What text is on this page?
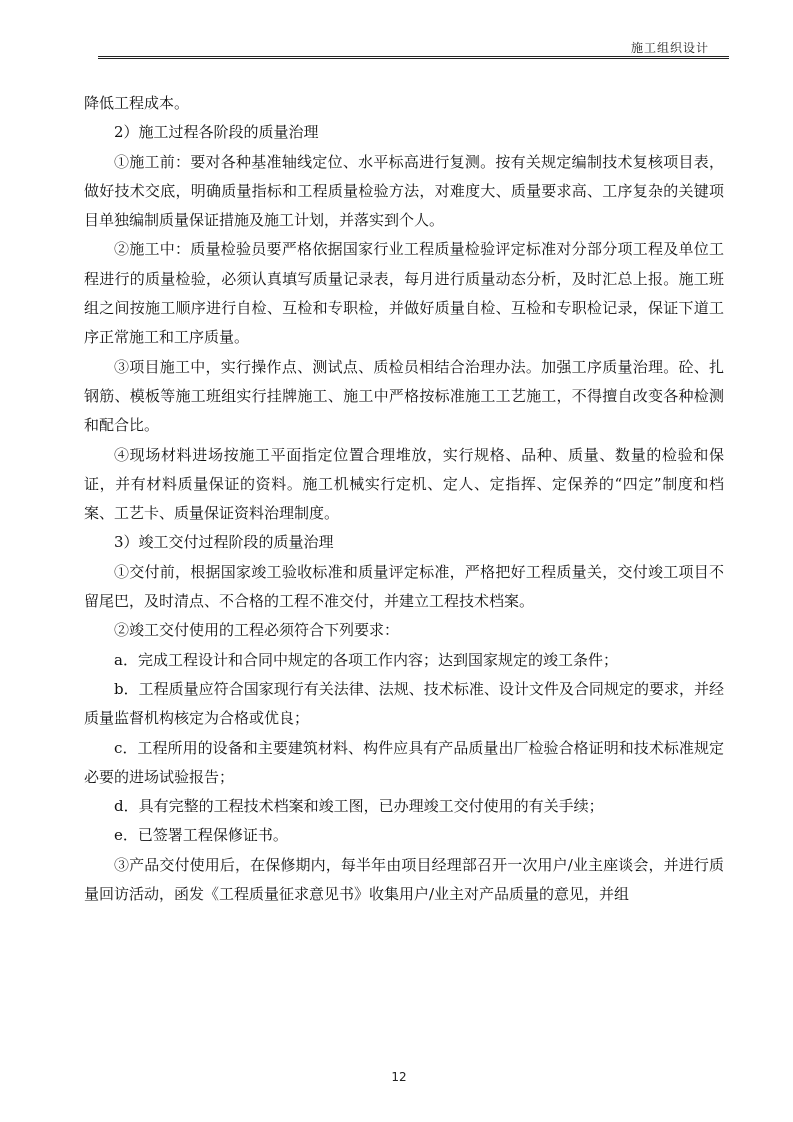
施工组织设计

降低工程成本。

2）施工过程各阶段的质量治理

①施工前：要对各种基准轴线定位、水平标高进行复测。按有关规定编制技术复核项目表，做好技术交底，明确质量指标和工程质量检验方法，对难度大、质量要求高、工序复杂的关键项目单独编制质量保证措施及施工计划，并落实到个人。

②施工中：质量检验员要严格依据国家行业工程质量检验评定标准对分部分项工程及单位工程进行的质量检验，必须认真填写质量记录表，每月进行质量动态分析，及时汇总上报。施工班组之间按施工顺序进行自检、互检和专职检，并做好质量自检、互检和专职检记录，保证下道工序正常施工和工序质量。

③项目施工中，实行操作点、测试点、质检员相结合治理办法。加强工序质量治理。砼、扎钢筋、模板等施工班组实行挂牌施工、施工中严格按标准施工工艺施工，不得擅自改变各种检测和配合比。

④现场材料进场按施工平面指定位置合理堆放，实行规格、品种、质量、数量的检验和保证，并有材料质量保证的资料。施工机械实行定机、定人、定指挥、定保养的“四定”制度和档案、工艺卡、质量保证资料治理制度。

3）竣工交付过程阶段的质量治理

①交付前，根据国家竣工验收标准和质量评定标准，严格把好工程质量关，交付竣工项目不留尾巴，及时清点、不合格的工程不准交付，并建立工程技术档案。

②竣工交付使用的工程必须符合下列要求：

a．完成工程设计和合同中规定的各项工作内容；达到国家规定的竣工条件；

b．工程质量应符合国家现行有关法律、法规、技术标准、设计文件及合同规定的要求，并经质量监督机构核定为合格或优良；

c．工程所用的设备和主要建筑材料、构件应具有产品质量出厂检验合格证明和技术标准规定必要的进场试验报告；

d．具有完整的工程技术档案和竣工图，已办理竣工交付使用的有关手续；

e．已签署工程保修证书。

③产品交付使用后，在保修期内，每半年由项目经理部召开一次用户/业主座谈会，并进行质量回访活动，函发《工程质量征求意见书》收集用户/业主对产品质量的意见，并组

12
